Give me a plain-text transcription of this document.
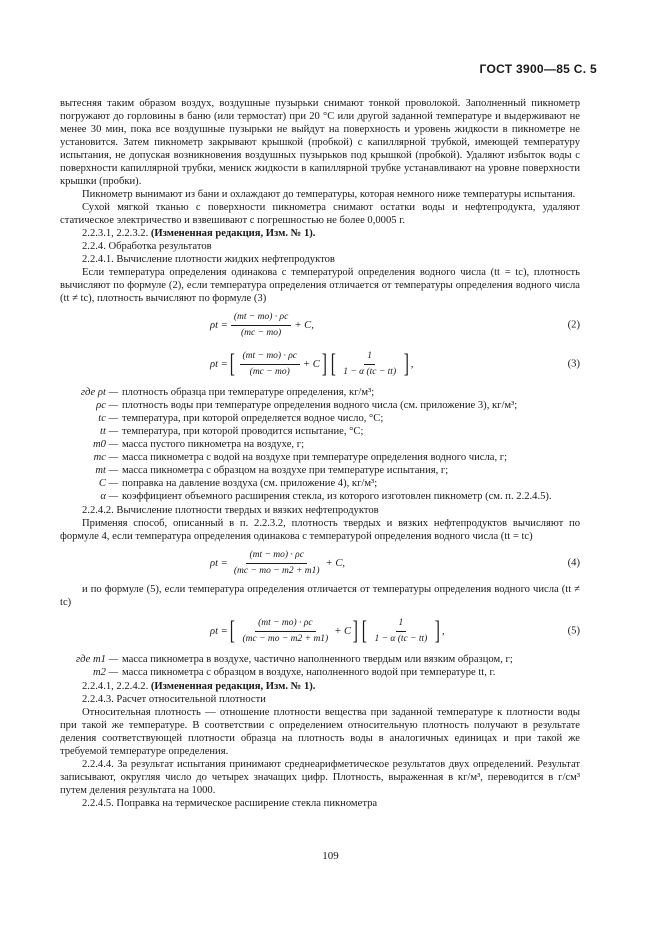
ГОСТ 3900—85 С. 5

вытесняя таким образом воздух, воздушные пузырьки снимают тонкой проволокой. Заполненный пикнометр погружают до горловины в баню (или термостат) при 20 °С или другой заданной температуре и выдерживают не менее 30 мин, пока все воздушные пузырьки не выйдут на поверхность и уровень жидкости в пикнометре не установится. Затем пикнометр закрывают крышкой (пробкой) с капиллярной трубкой, имеющей температуру испытания, не допуская возникновения воздушных пузырьков под крышкой (пробкой). Удаляют избыток воды с поверхности капиллярной трубки, мениск жидкости в капиллярной трубке устанавливают на уровне поверхности крышки (пробки).

Пикнометр вынимают из бани и охлаждают до температуры, которая немного ниже температуры испытания.

Сухой мягкой тканью с поверхности пикнометра снимают остатки воды и нефтепродукта, удаляют статическое электричество и взвешивают с погрешностью не более 0,0005 г.

2.2.3.1, 2.2.3.2. (Измененная редакция, Изм. № 1).

2.2.4. Обработка результатов

2.2.4.1. Вычисление плотности жидких нефтепродуктов

Если температура определения одинакова с температурой определения водного числа (tt = tc), плотность вычисляют по формуле (2), если температура определения отличается от температуры определения водного числа (tt ≠ tc), плотность вычисляют по формуле (3)

$\rho t = \frac{(mt - mo) \cdot \rho c}{(mc - mo)} + C$,	(2)
ρt = [ $\frac{(mt - mo) \cdot \rho c}{(mc - mo)} + C$ ] [ $\frac{1}{1 - \alpha (tc - tt)}$ ] ,	(3)
где ρt — плотность образца при температуре определения, кг/м³;
ρc — плотность воды при температуре определения водного числа (см. приложение 3), кг/м³;
tc — температура, при которой определяется водное число, °С;
tt — температура, при которой проводится испытание, °С;
m0 — масса пустого пикнометра на воздухе, г;
mc — масса пикнометра с водой на воздухе при температуре определения водного числа, г;
mt — масса пикнометра с образцом на воздухе при температуре испытания, г;
C — поправка на давление воздуха (см. приложение 4), кг/м³;
α — коэффициент объемного расширения стекла, из которого изготовлен пикнометр (см. п. 2.2.4.5).

2.2.4.2. Вычисление плотности твердых и вязких нефтепродуктов

Применяя способ, описанный в п. 2.2.3.2, плотность твердых и вязких нефтепродуктов вычисляют по формуле 4, если температура определения одинакова с температурой определения водного числа (tt = tc)

$\rho t = \frac{(mt - mo) \cdot \rho c}{(mc - mo - m2 + m1)} + C$,	(4)

и по формуле (5), если температура определения отличается от температуры определения водного числа (tt ≠ tc)

ρt = [ $\frac{(mt - mo) \cdot \rho c}{(mc - mo - m2 + m1)} + C$ ] [ $\frac{1}{1 - \alpha (tc - tt)}$ ] ,	(5)
где m1 — масса пикнометра в воздухе, частично наполненного твердым или вязким образцом, г;
m2 — масса пикнометра с образцом в воздухе, наполненного водой при температуре tt, г.

2.2.4.1, 2.2.4.2. (Измененная редакция, Изм. № 1).

2.2.4.3. Расчет относительной плотности

Относительная плотность — отношение плотности вещества при заданной температуре к плотности воды при такой же температуре. В соответствии с определением относительную плотность получают в результате деления соответствующей плотности образца на плотность воды в аналогичных единицах и при такой же требуемой температуре определения.

2.2.4.4. За результат испытания принимают среднеарифметическое результатов двух определений. Результат записывают, округляя число до четырех значащих цифр. Плотность, выраженная в кг/м³, переводится в г/см³ путем деления результата на 1000.

2.2.4.5. Поправка на термическое расширение стекла пикнометра

109
